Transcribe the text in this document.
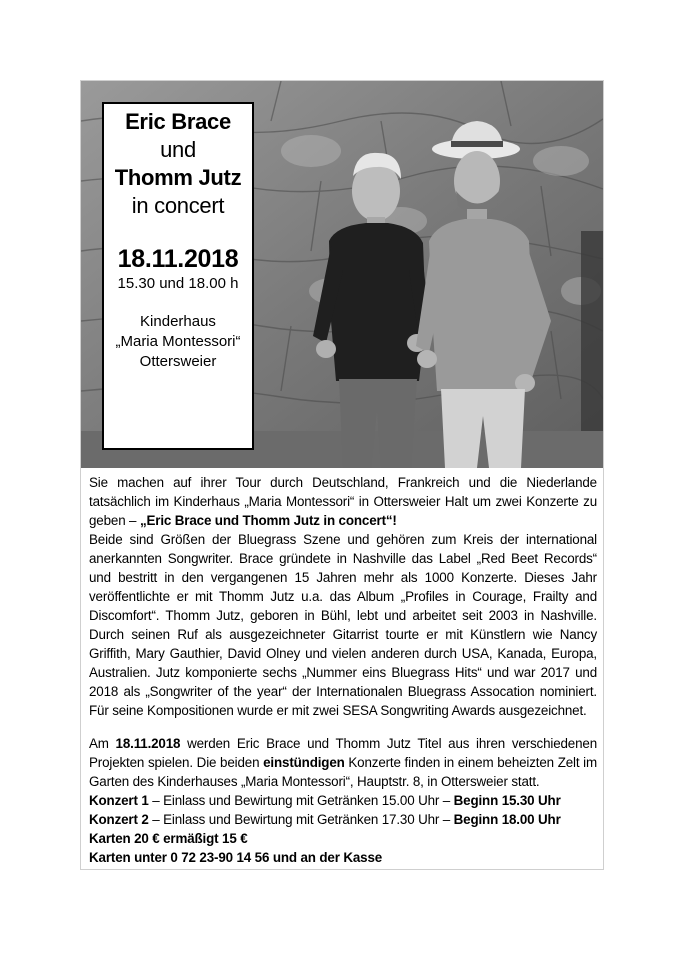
Eric Brace
und
Thomm Jutz
in concert
18.11.2018
15.30 und 18.00 h
Kinderhaus
„Maria Montessori“
Ottersweier

Sie machen auf ihrer Tour durch Deutschland, Frankreich und die Niederlande tatsächlich im Kinderhaus „Maria Montessori“ in Ottersweier Halt um zwei Konzerte zu geben – „Eric Brace und Thomm Jutz in concert“!

Beide sind Größen der Bluegrass Szene und gehören zum Kreis der international anerkannten Songwriter. Brace gründete in Nashville das Label „Red Beet Records“ und bestritt in den vergangenen 15 Jahren mehr als 1000 Konzerte. Dieses Jahr veröffentlichte er mit Thomm Jutz u.a. das Album „Profiles in Courage, Frailty and Discomfort“. Thomm Jutz, geboren in Bühl, lebt und arbeitet seit 2003 in Nashville. Durch seinen Ruf als ausgezeichneter Gitarrist tourte er mit Künstlern wie Nancy Griffith, Mary Gauthier, David Olney und vielen anderen durch USA, Kanada, Europa, Australien. Jutz komponierte sechs „Nummer eins Bluegrass Hits“ und war 2017 und 2018 als „Songwriter of the year“ der Internationalen Bluegrass Assocation nominiert. Für seine Kompositionen wurde er mit zwei SESA Songwriting Awards ausgezeichnet.

Am 18.11.2018 werden Eric Brace und Thomm Jutz Titel aus ihren verschiedenen Projekten spielen. Die beiden einstündigen Konzerte finden in einem beheizten Zelt im Garten des Kinderhauses „Maria Montessori“, Hauptstr. 8, in Ottersweier statt.

Konzert 1 – Einlass und Bewirtung mit Getränken 15.00 Uhr – Beginn 15.30 Uhr

Konzert 2 – Einlass und Bewirtung mit Getränken 17.30 Uhr – Beginn 18.00 Uhr

Karten 20 € ermäßigt 15 €

Karten unter 0 72 23-90 14 56 und an der Kasse
